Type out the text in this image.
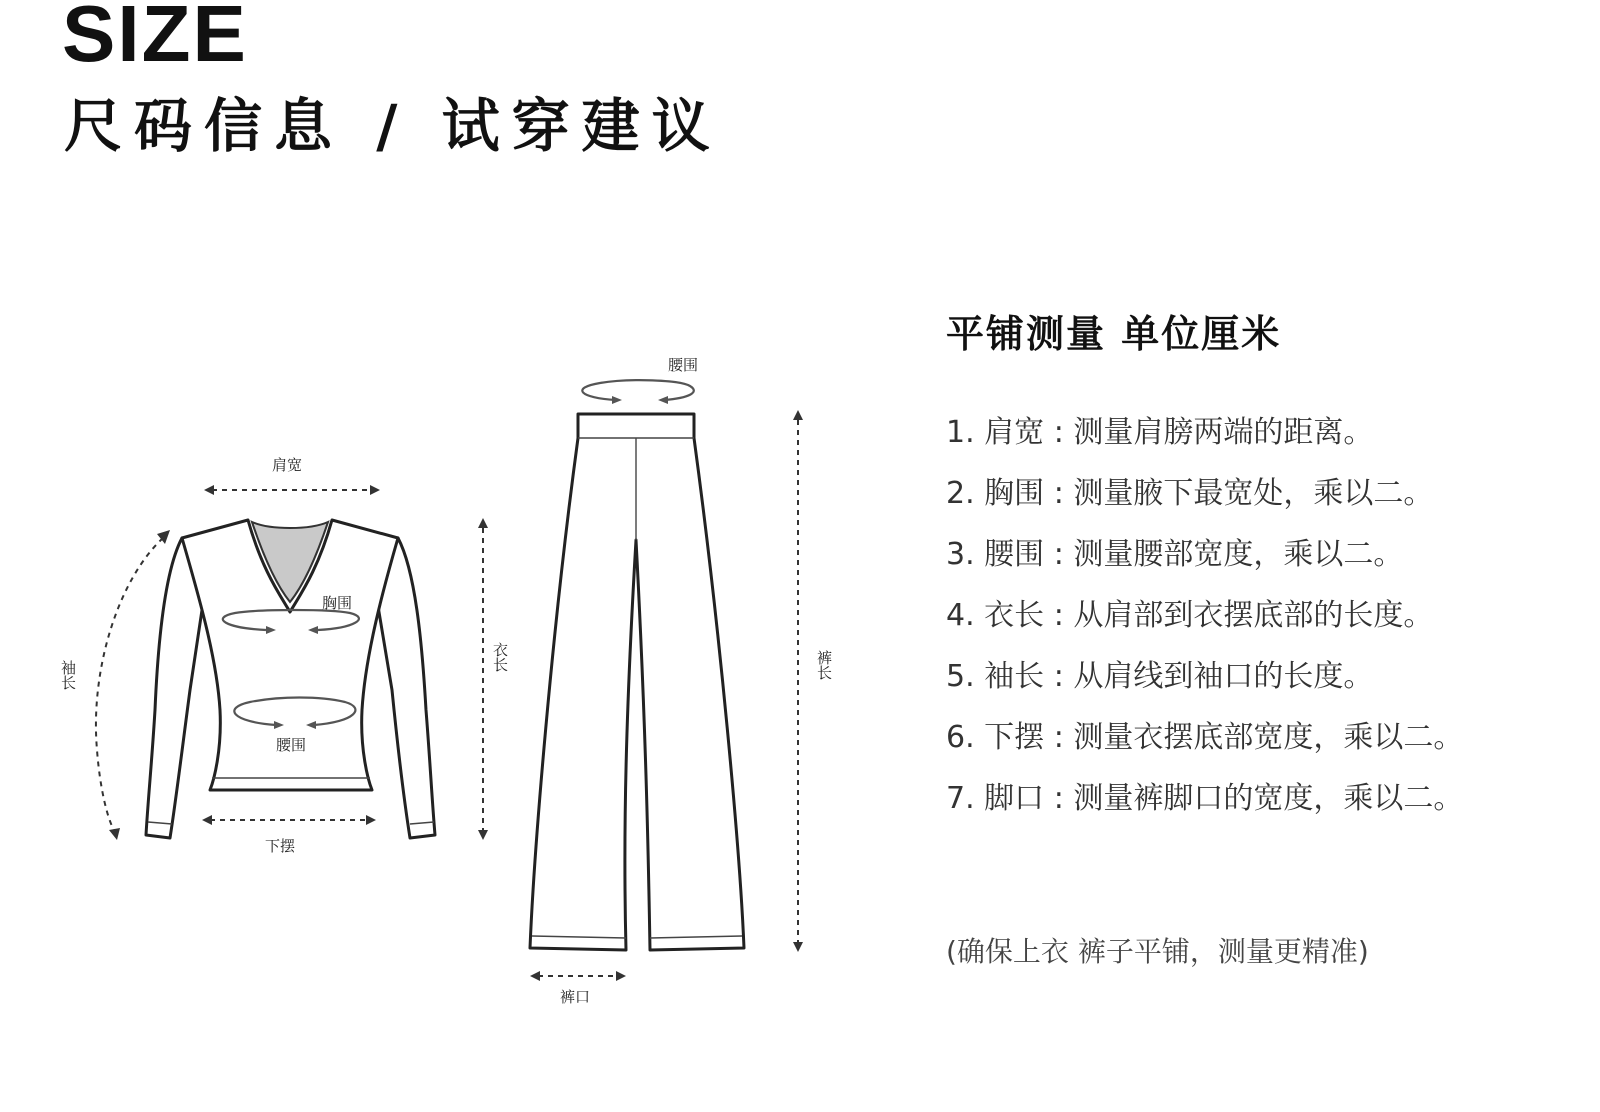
SIZE
尺码信息 / 试穿建议
肩宽
胸围
腰围
下摆
袖长
衣长
腰围
裤长
裤口
平铺测量 单位厘米
1. 肩宽 : 测量肩膀两端的距离。
2. 胸围 : 测量腋下最宽处，乘以二。
3. 腰围 : 测量腰部宽度，乘以二。
4. 衣长 : 从肩部到衣摆底部的长度。
5. 袖长 : 从肩线到袖口的长度。
6. 下摆 : 测量衣摆底部宽度，乘以二。
7. 脚口 : 测量裤脚口的宽度，乘以二。
(确保上衣 裤子平铺，测量更精准)
